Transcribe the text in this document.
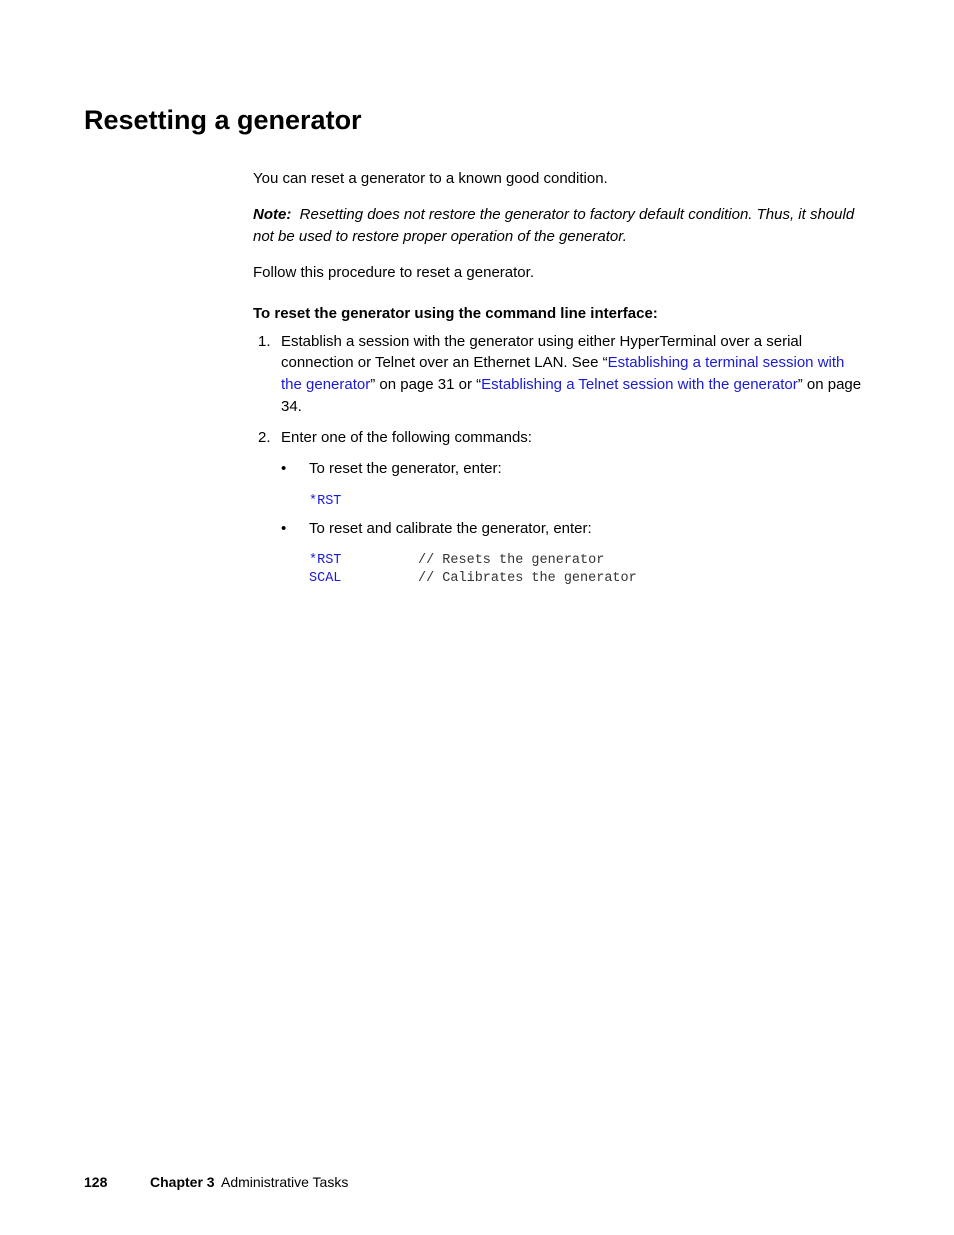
Resetting a generator
You can reset a generator to a known good condition.
Note: Resetting does not restore the generator to factory default condition. Thus, it should
not be used to restore proper operation of the generator.
Follow this procedure to reset a generator.
To reset the generator using the command line interface:
1. Establish a session with the generator using either HyperTerminal over a serial
connection or Telnet over an Ethernet LAN. See “Establishing a terminal session with
the generator” on page 31 or “Establishing a Telnet session with the generator” on page
34.
2. Enter one of the following commands:
• To reset the generator, enter:
*RST
• To reset and calibrate the generator, enter:
*RST	// Resets the generator
SCAL	// Calibrates the generator
128	Chapter 3 Administrative Tasks
